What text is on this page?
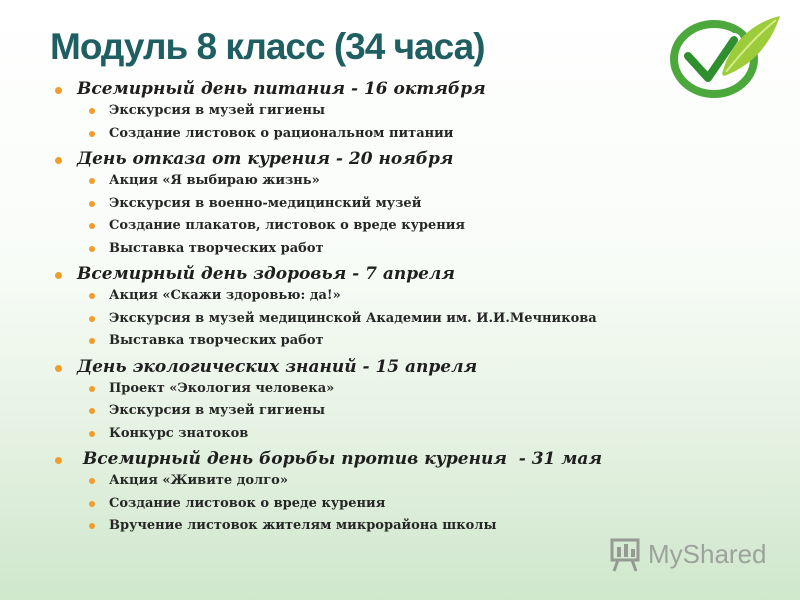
Модуль 8 класс (34 часа)
Всемирный день питания - 16 октября
Экскурсия в музей гигиены
Создание листовок о рациональном питании
День отказа от курения - 20 ноября
Акция «Я выбираю жизнь»
Экскурсия в военно-медицинский музей
Создание плакатов, листовок о вреде курения
Выставка творческих работ
Всемирный день здоровья - 7 апреля
Акция «Скажи здоровью: да!»
Экскурсия в музей медицинской Академии им. И.И.Мечникова
Выставка творческих работ
День экологических знаний - 15 апреля
Проект «Экология человека»
Экскурсия в музей гигиены
Конкурс знатоков
Всемирный день борьбы против курения  - 31 мая
Акция «Живите долго»
Создание листовок о вреде курения
Вручение листовок жителям микрорайона школы
MyShared
